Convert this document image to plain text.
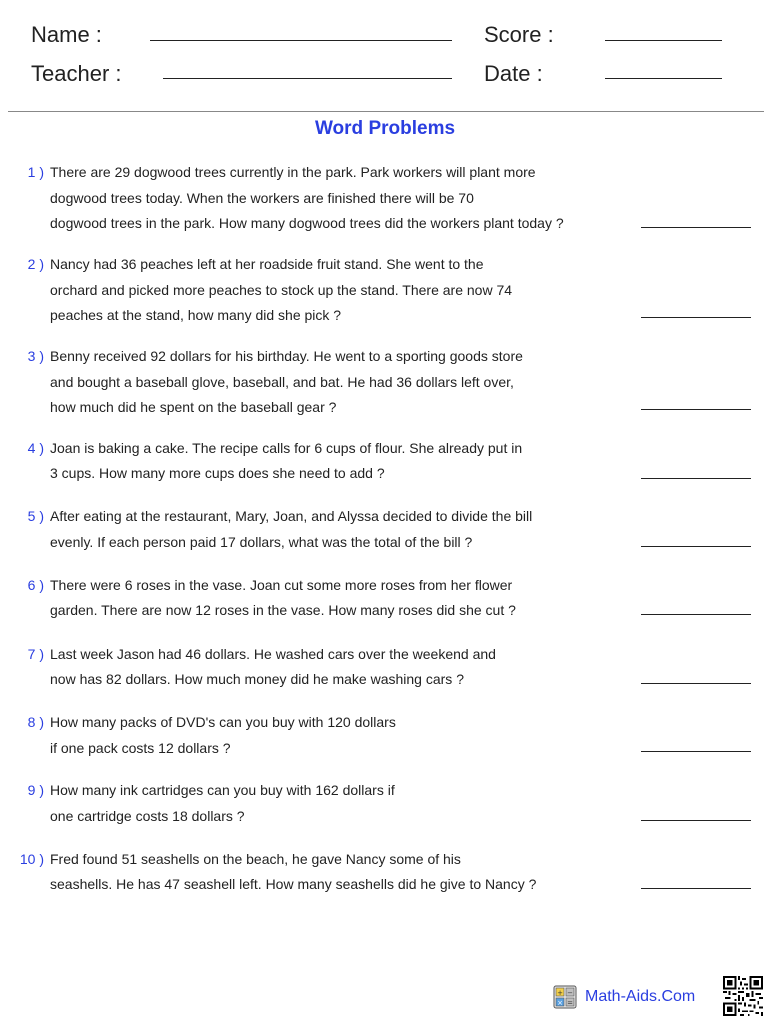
Name :
Teacher :
Score :
Date :
Word Problems
1 ) There are 29 dogwood trees currently in the park. Park workers will plant more
dogwood trees today. When the workers are finished there will be 70
dogwood trees in the park. How many dogwood trees did the workers plant today ?
2 ) Nancy had 36 peaches left at her roadside fruit stand. She went to the
orchard and picked more peaches to stock up the stand. There are now 74
peaches at the stand, how many did she pick ?
3 ) Benny received 92 dollars for his birthday. He went to a sporting goods store
and bought a baseball glove, baseball, and bat. He had 36 dollars left over,
how much did he spent on the baseball gear ?
4 ) Joan is baking a cake. The recipe calls for 6 cups of flour. She already put in
3 cups. How many more cups does she need to add ?
5 ) After eating at the restaurant, Mary, Joan, and Alyssa decided to divide the bill
evenly. If each person paid 17 dollars, what was the total of the bill ?
6 ) There were 6 roses in the vase. Joan cut some more roses from her flower
garden. There are now 12 roses in the vase. How many roses did she cut ?
7 ) Last week Jason had 46 dollars. He washed cars over the weekend and
now has 82 dollars. How much money did he make washing cars ?
8 ) How many packs of DVD's can you buy with 120 dollars
if one pack costs 12 dollars ?
9 ) How many ink cartridges can you buy with 162 dollars if
one cartridge costs 18 dollars ?
10 ) Fred found 51 seashells on the beach, he gave Nancy some of his
seashells. He has 47 seashell left. How many seashells did he give to Nancy ?
+ −
× = Math-Aids.Com
